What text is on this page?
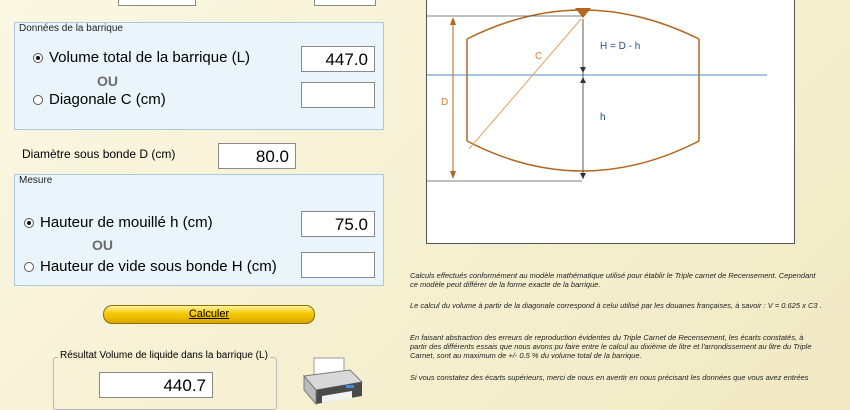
Données de la barrique
Volume total de la barrique (L)	447.0
OU
Diagonale C (cm)
Diamètre sous bonde D (cm)	80.0
Mesure
Hauteur de mouillé h (cm)	75.0
OU
Hauteur de vide sous bonde H (cm)
Calculer
Résultat Volume de liquide dans la barrique (L)
440.7
C
D
H = D - h
h
Calculs effectués conformément au modèle mathématique utilisé pour établir le Triple carnet de Recensement. Cependant ce modèle peut différer de la forme exacte de la barrique.
Le calcul du volume à partir de la diagonale correspond à celui utilisé par les douanes françaises, à savoir : V = 0.625 x C3 .
En faisant abstraction des erreurs de reproduction évidentes du Triple Carnet de Recensement, les écarts constatés, à partir des différents essais que nous avons pu faire entre le calcul au dixième de litre et l'arrondissement au litre du Triple Carnet, sont au maximum de +/- 0.5 % du volume total de la barrique.
Si vous constatez des écarts supérieurs, merci de nous en avertir en nous précisant les données que vous avez entrées
